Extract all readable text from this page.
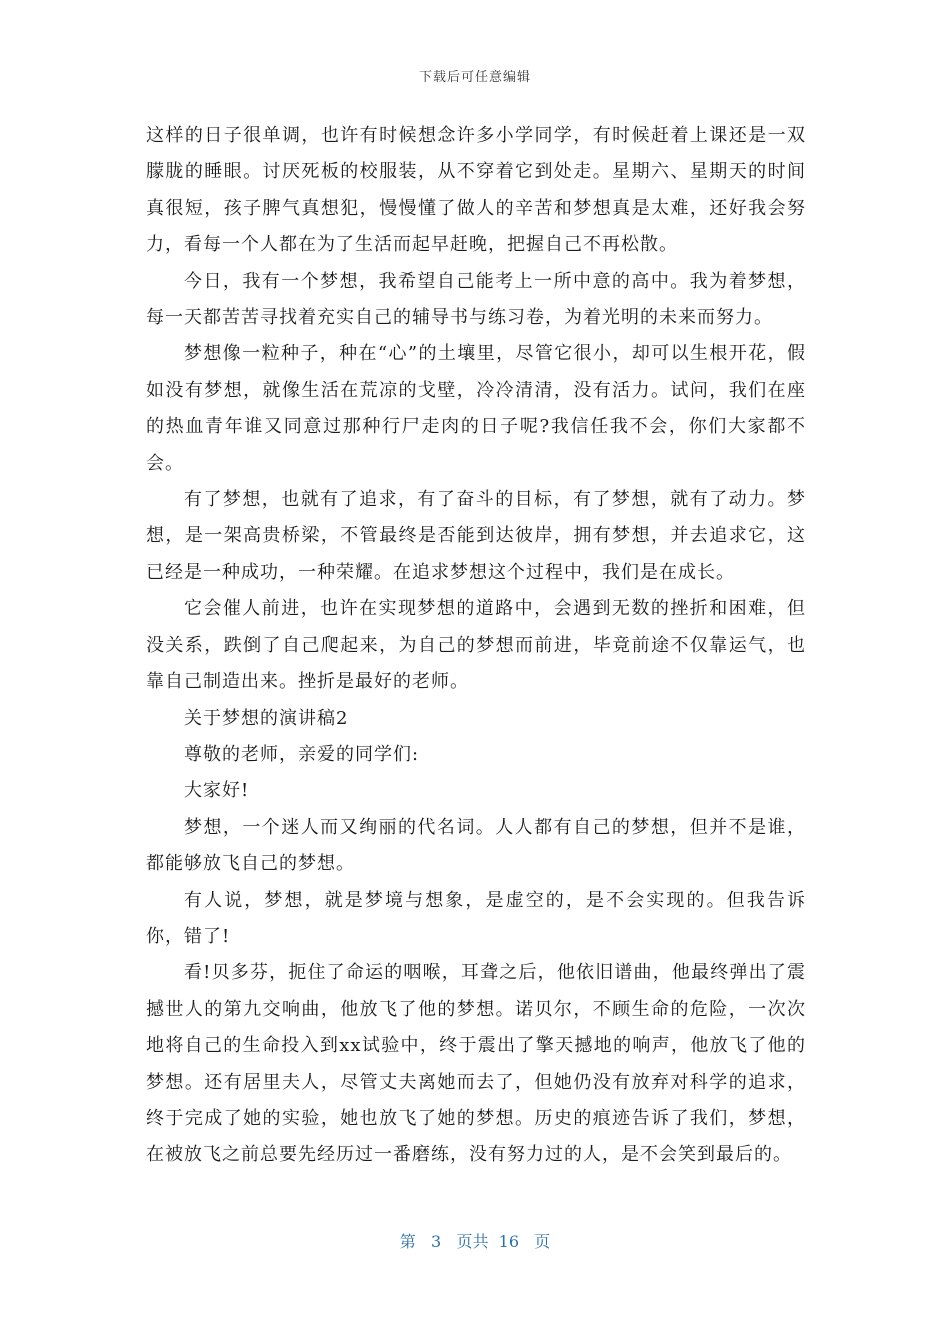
下载后可任意编辑

这样的日子很单调，也许有时候想念许多小学同学，有时候赶着上课还是一双朦胧的睡眼。讨厌死板的校服装，从不穿着它到处走。星期六、星期天的时间真很短，孩子脾气真想犯，慢慢懂了做人的辛苦和梦想真是太难，还好我会努力，看每一个人都在为了生活而起早赶晚，把握自己不再松散。

今日，我有一个梦想，我希望自己能考上一所中意的高中。我为着梦想，每一天都苦苦寻找着充实自己的辅导书与练习卷，为着光明的未来而努力。

梦想像一粒种子，种在“心”的土壤里，尽管它很小，却可以生根开花，假如没有梦想，就像生活在荒凉的戈壁，冷冷清清，没有活力。试问，我们在座的热血青年谁又同意过那种行尸走肉的日子呢?我信任我不会，你们大家都不会。

有了梦想，也就有了追求，有了奋斗的目标，有了梦想，就有了动力。梦想，是一架高贵桥梁，不管最终是否能到达彼岸，拥有梦想，并去追求它，这已经是一种成功，一种荣耀。在追求梦想这个过程中，我们是在成长。

它会催人前进，也许在实现梦想的道路中，会遇到无数的挫折和困难，但没关系，跌倒了自己爬起来，为自己的梦想而前进，毕竟前途不仅靠运气，也靠自己制造出来。挫折是最好的老师。

关于梦想的演讲稿2

尊敬的老师，亲爱的同学们:

大家好!

梦想，一个迷人而又绚丽的代名词。人人都有自己的梦想，但并不是谁，都能够放飞自己的梦想。

有人说，梦想，就是梦境与想象，是虚空的，是不会实现的。但我告诉你，错了!

看!贝多芬，扼住了命运的咽喉，耳聋之后，他依旧谱曲，他最终弹出了震撼世人的第九交响曲，他放飞了他的梦想。诺贝尔，不顾生命的危险，一次次地将自己的生命投入到xx试验中，终于震出了擎天撼地的响声，他放飞了他的梦想。还有居里夫人，尽管丈夫离她而去了，但她仍没有放弃对科学的追求，终于完成了她的实验，她也放飞了她的梦想。历史的痕迹告诉了我们，梦想，在被放飞之前总要先经历过一番磨练，没有努力过的人，是不会笑到最后的。

第 3 页共 16 页
